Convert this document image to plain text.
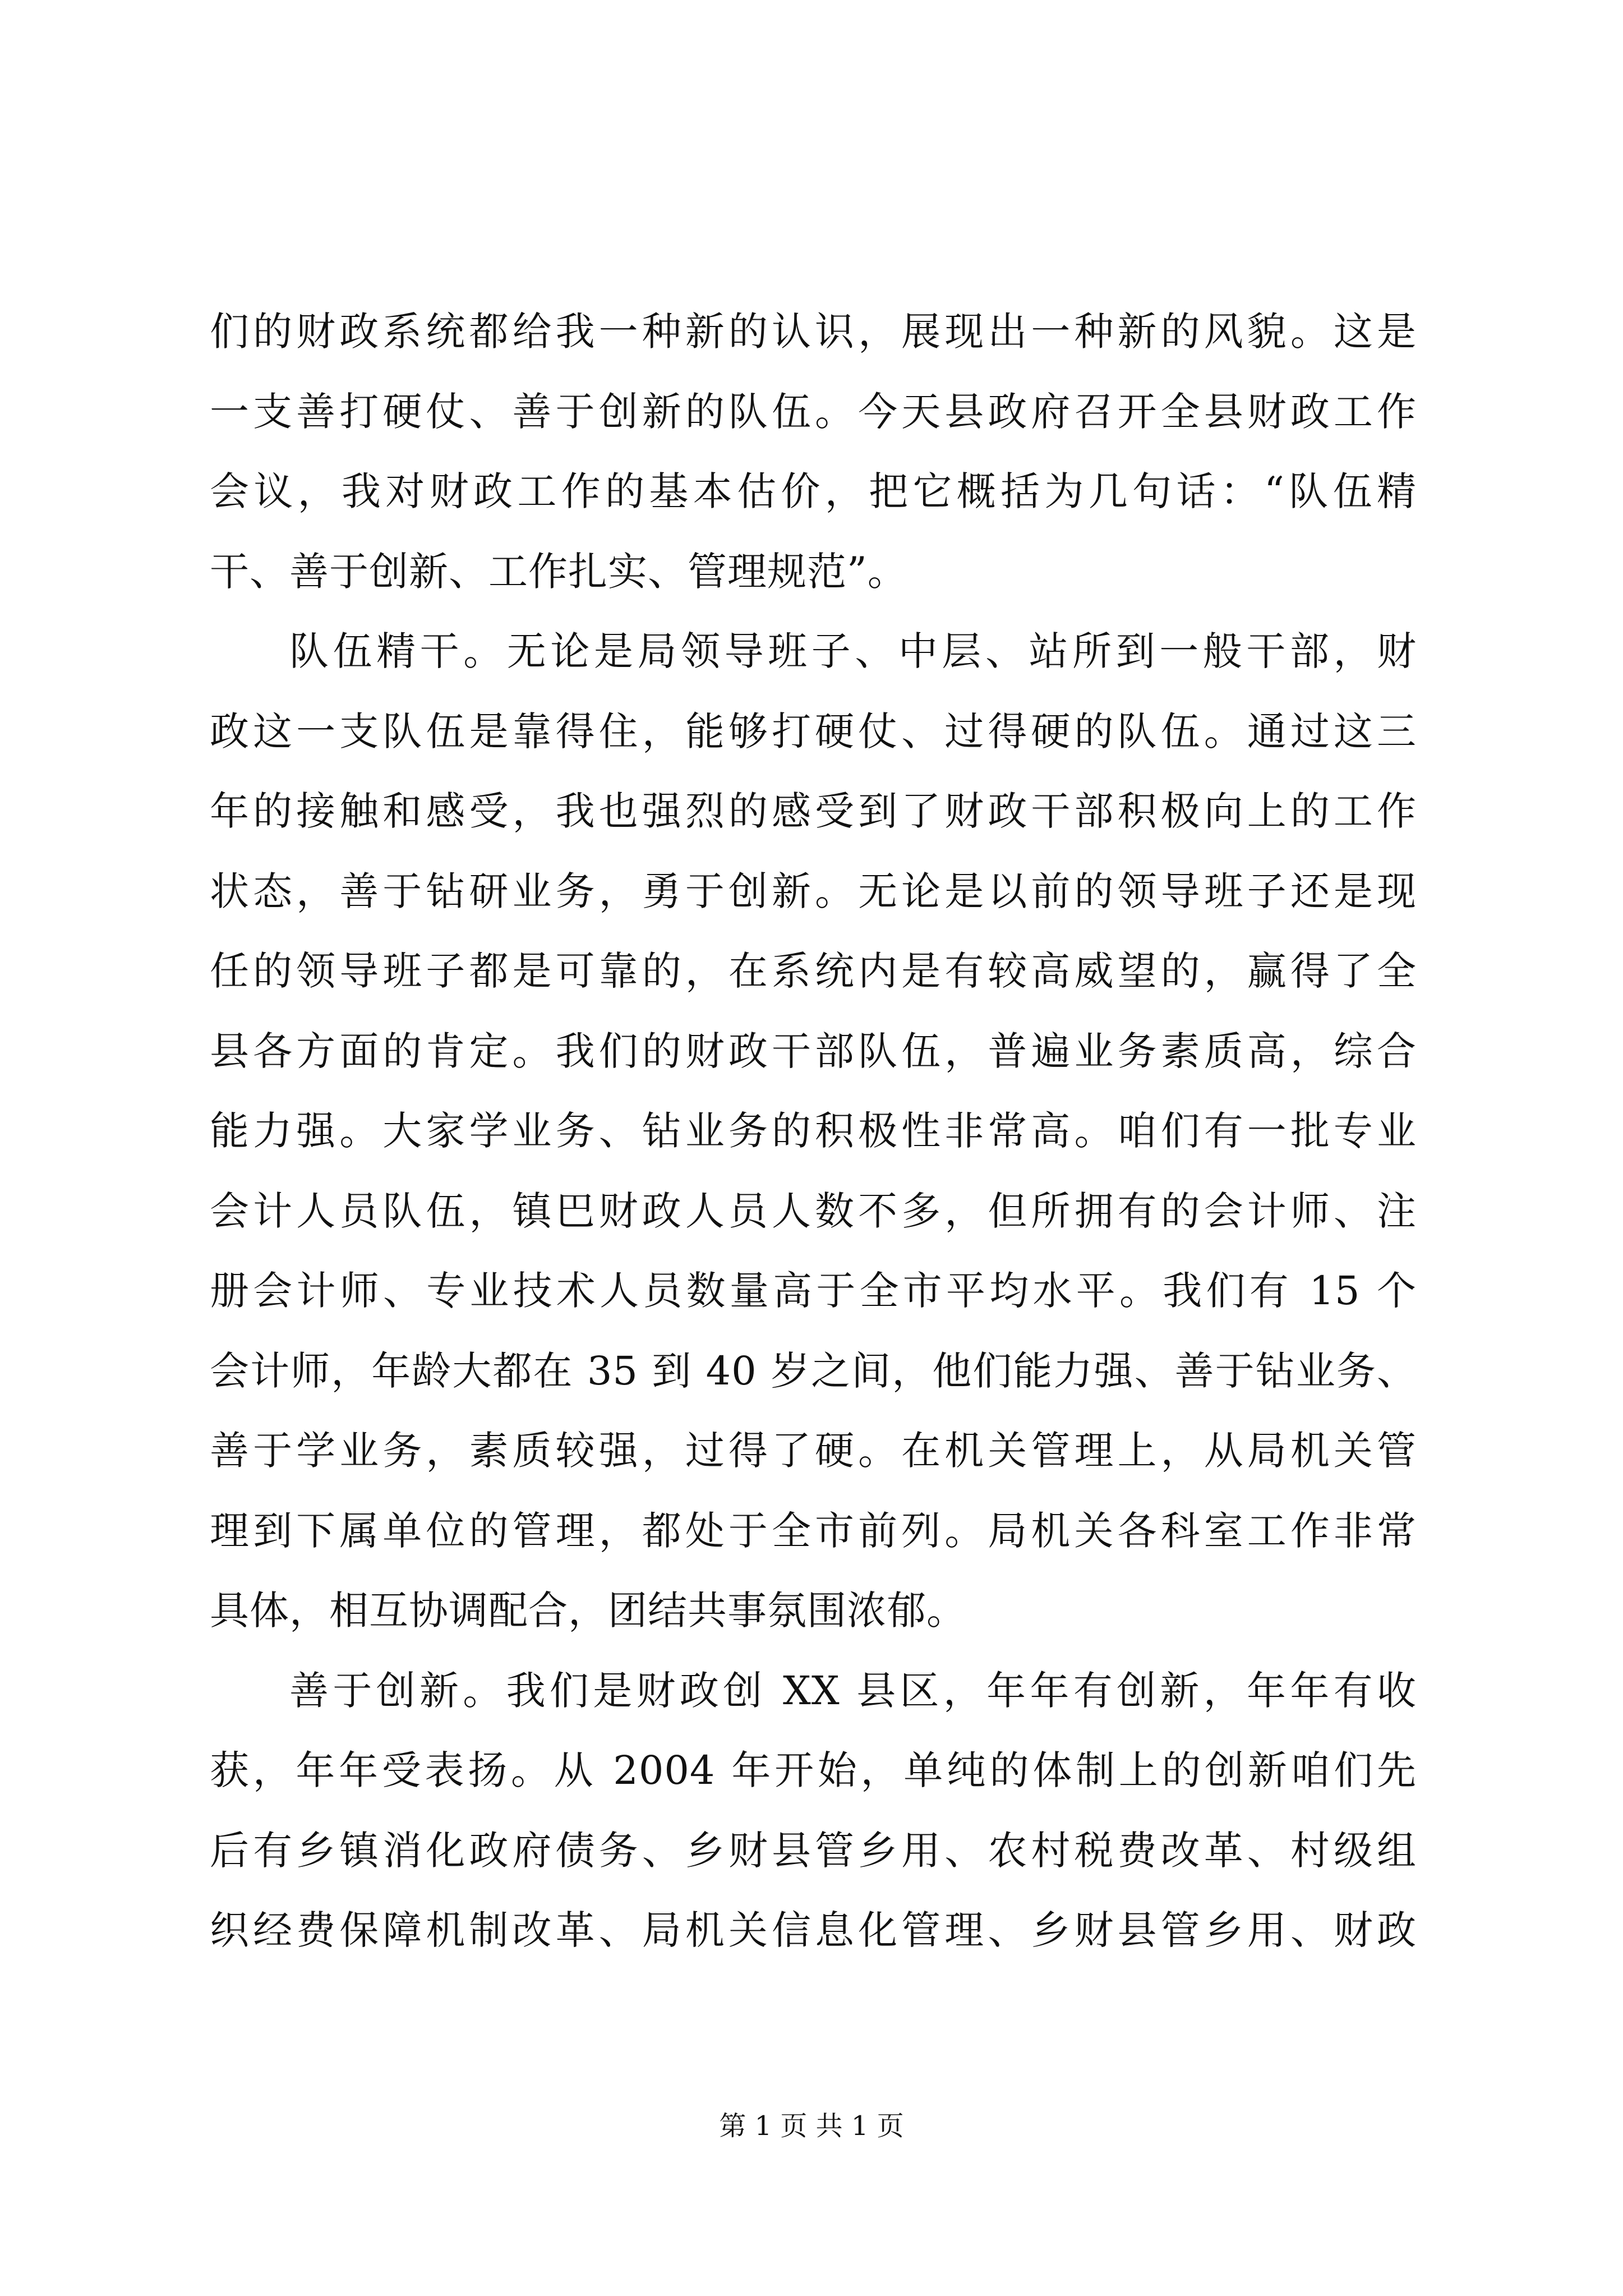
们的财政系统都给我一种新的认识，展现出一种新的风貌。这是
一支善打硬仗、善于创新的队伍。今天县政府召开全县财政工作
会议，我对财政工作的基本估价，把它概括为几句话：“队伍精
干、善于创新、工作扎实、管理规范”。
队伍精干。无论是局领导班子、中层、站所到一般干部，财
政这一支队伍是靠得住，能够打硬仗、过得硬的队伍。通过这三
年的接触和感受，我也强烈的感受到了财政干部积极向上的工作
状态，善于钻研业务，勇于创新。无论是以前的领导班子还是现
任的领导班子都是可靠的，在系统内是有较高威望的，赢得了全
县各方面的肯定。我们的财政干部队伍，普遍业务素质高，综合
能力强。大家学业务、钻业务的积极性非常高。咱们有一批专业
会计人员队伍，镇巴财政人员人数不多，但所拥有的会计师、注
册会计师、专业技术人员数量高于全市平均水平。我们有 15 个
会计师，年龄大都在 35 到 40 岁之间，他们能力强、善于钻业务、
善于学业务，素质较强，过得了硬。在机关管理上，从局机关管
理到下属单位的管理，都处于全市前列。局机关各科室工作非常
具体，相互协调配合，团结共事氛围浓郁。
善于创新。我们是财政创 XX 县区，年年有创新，年年有收
获，年年受表扬。从 2004 年开始，单纯的体制上的创新咱们先
后有乡镇消化政府债务、乡财县管乡用、农村税费改革、村级组
织经费保障机制改革、局机关信息化管理、乡财县管乡用、财政
第 1 页 共 1 页
